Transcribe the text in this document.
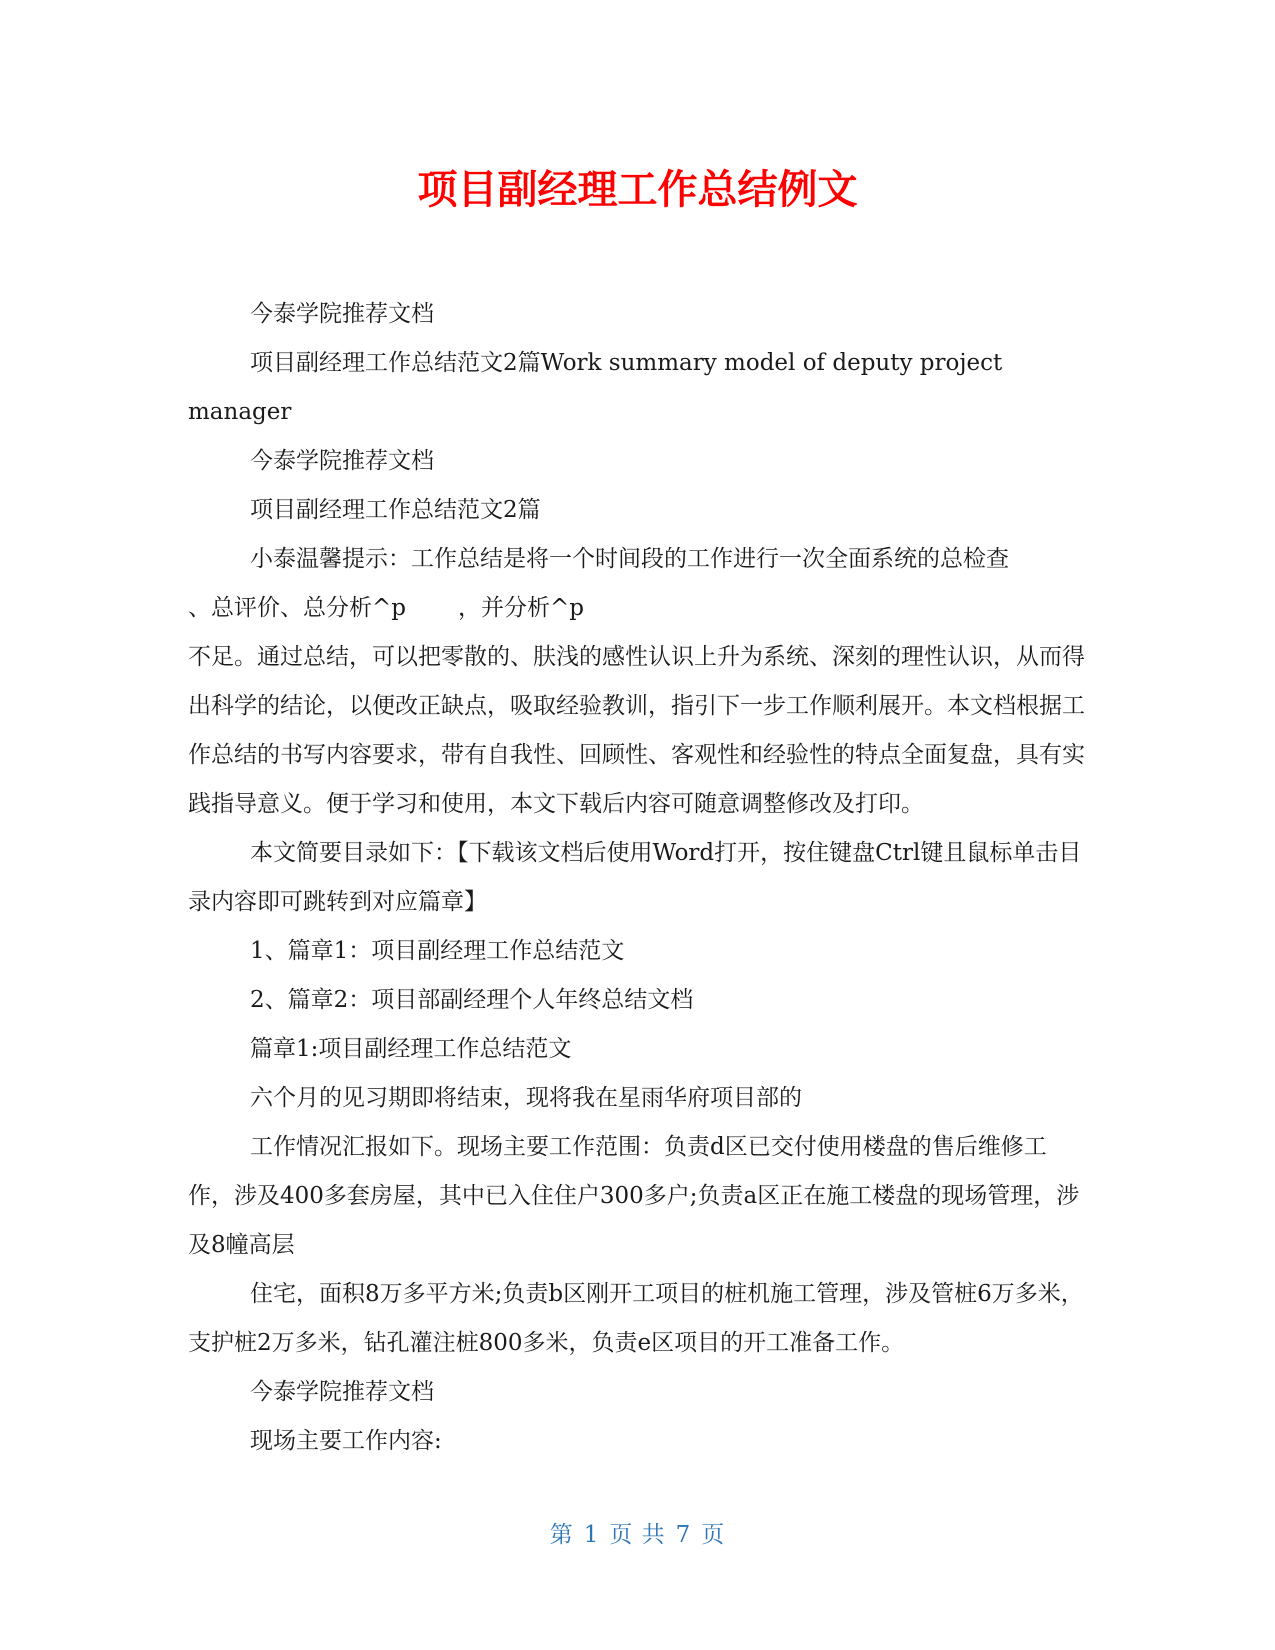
项目副经理工作总结例文

今泰学院推荐文档

项目副经理工作总结范文2篇Work summary model of deputy project

manager

今泰学院推荐文档

项目副经理工作总结范文2篇

小泰温馨提示：工作总结是将一个时间段的工作进行一次全面系统的总检查

、总评价、总分析^p ，并分析^p

不足。通过总结，可以把零散的、肤浅的感性认识上升为系统、深刻的理性认识，从而得出科学的结论，以便改正缺点，吸取经验教训，指引下一步工作顺利展开。本文档根据工作总结的书写内容要求，带有自我性、回顾性、客观性和经验性的特点全面复盘，具有实践指导意义。便于学习和使用，本文下载后内容可随意调整修改及打印。

本文简要目录如下：【下载该文档后使用Word打开，按住键盘Ctrl键且鼠标单击目录内容即可跳转到对应篇章】

1、篇章1：项目副经理工作总结范文

2、篇章2：项目部副经理个人年终总结文档

篇章1:项目副经理工作总结范文

六个月的见习期即将结束，现将我在星雨华府项目部的

工作情况汇报如下。现场主要工作范围：负责d区已交付使用楼盘的售后维修工作，涉及400多套房屋，其中已入住住户300多户;负责a区正在施工楼盘的现场管理，涉及8幢高层

住宅，面积8万多平方米;负责b区刚开工项目的桩机施工管理，涉及管桩6万多米，支护桩2万多米，钻孔灌注桩800多米，负责e区项目的开工准备工作。

今泰学院推荐文档

现场主要工作内容:

第 1 页 共 7 页
